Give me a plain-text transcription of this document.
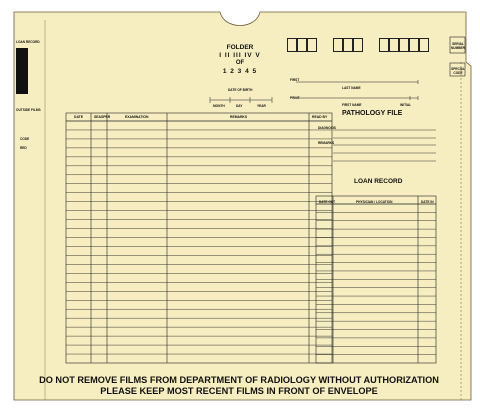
LOAN RECORD
OUTSIDE FILMS
CODE
RED
FOLDER
I II III IV V
OF
1 2 3 4 5
SERIAL NUMBER
SPECIAL CODE
DATE OF BIRTH
MONTH	DAY	YEAR
FIRST
LAST NAME
PRINT
FIRST NAME	INITIAL
DATE	SEASPER	EXAMINATION	REMARKS	READ BY PATHOLOGY FILE
DIAGNOSIS
REMARKS
LOAN RECORD
DATE OUT	PHYSICIAN / LOCATION	DATE IN
DO NOT REMOVE FILMS FROM DEPARTMENT OF RADIOLOGY WITHOUT AUTHORIZATION
PLEASE KEEP MOST RECENT FILMS IN FRONT OF ENVELOPE
